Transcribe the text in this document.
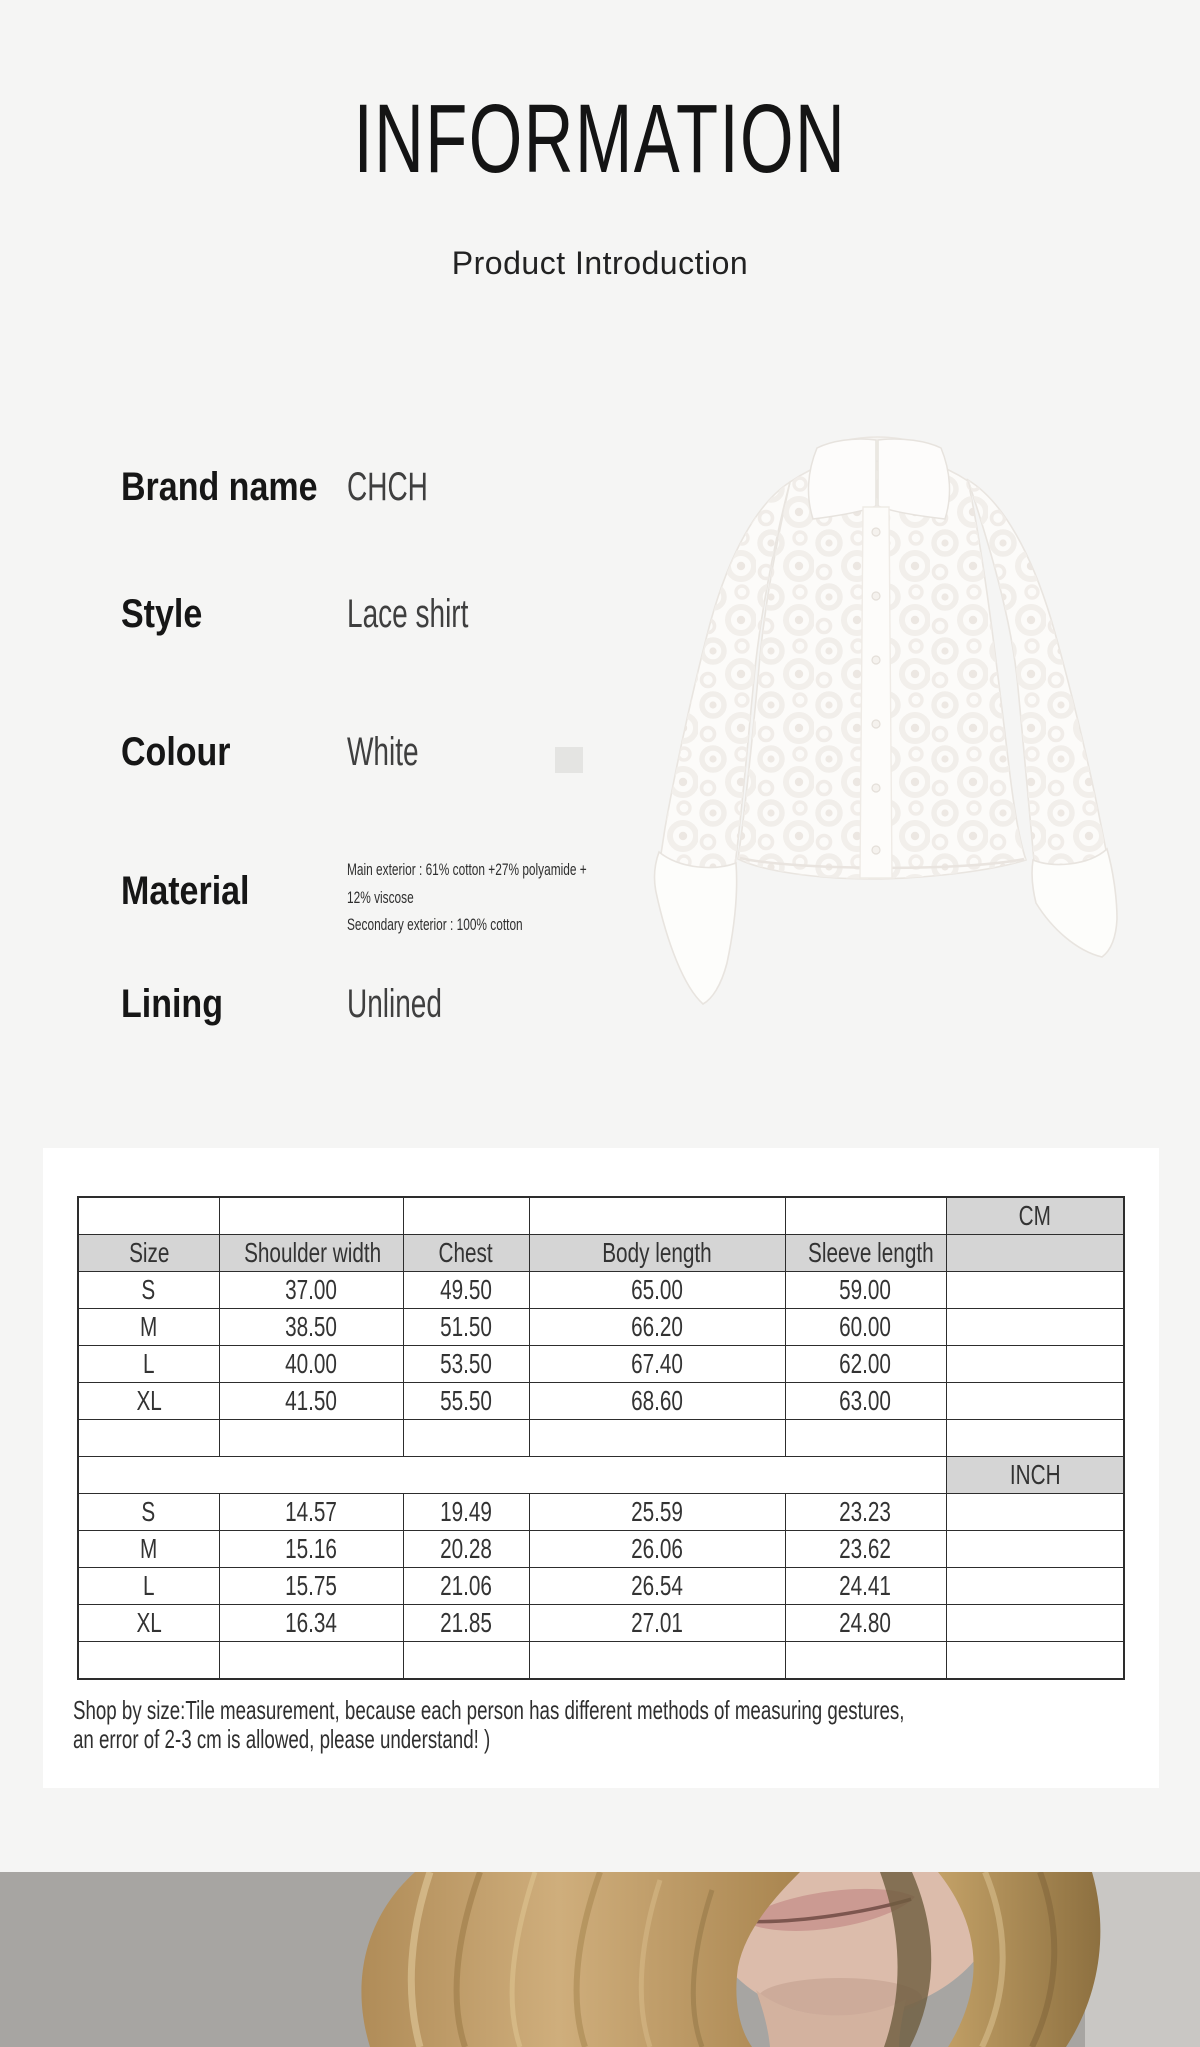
INFORMATION
Product Introduction
Brand name CHCH
Style	Lace shirt
Colour	White
Material	Main exterior : 61% cotton +27% polyamide +
12% viscose
Secondary exterior : 100% cotton
Lining	Unlined
					CM
Size	Shoulder width	Chest	Body length	Sleeve length	
S	37.00	49.50	65.00	59.00	
M	38.50	51.50	66.20	60.00	
L	40.00	53.50	67.40	62.00	
XL	41.50	55.50	68.60	63.00	

					INCH
S	14.57	19.49	25.59	23.23	
M	15.16	20.28	26.06	23.62	
L	15.75	21.06	26.54	24.41	
XL	16.34	21.85	27.01	24.80	

Shop by size:Tile measurement, because each person has different methods of measuring gestures,
an error of 2-3 cm is allowed, please understand! )
